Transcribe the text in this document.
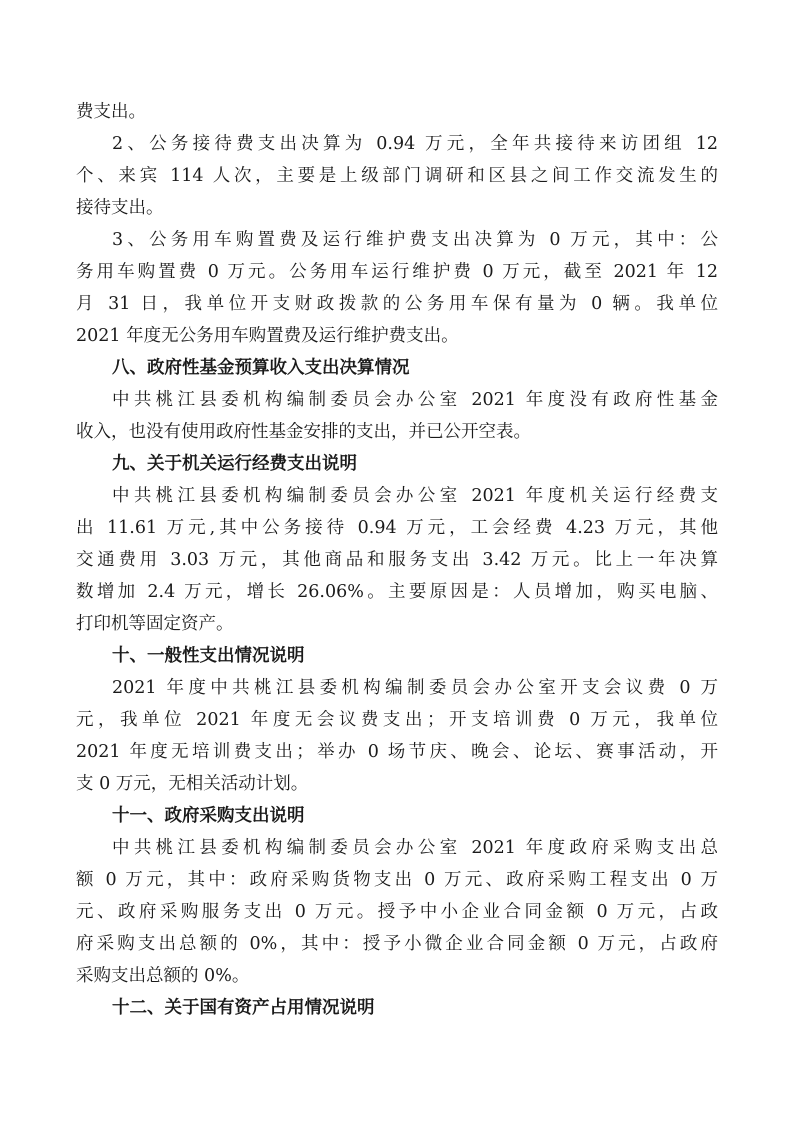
费支出。
2、公务接待费支出决算为 0.94 万元，全年共接待来访团组 12
个、来宾 114 人次，主要是上级部门调研和区县之间工作交流发生的
接待支出。
3、公务用车购置费及运行维护费支出决算为 0 万元，其中：公
务用车购置费 0 万元。公务用车运行维护费 0 万元，截至 2021 年 12
月 31 日，我单位开支财政拨款的公务用车保有量为 0 辆。我单位
2021 年度无公务用车购置费及运行维护费支出。
八、政府性基金预算收入支出决算情况
中共桃江县委机构编制委员会办公室 2021 年度没有政府性基金
收入，也没有使用政府性基金安排的支出，并已公开空表。
九、关于机关运行经费支出说明
中共桃江县委机构编制委员会办公室 2021 年度机关运行经费支
出 11.61 万元,其中公务接待 0.94 万元，工会经费 4.23 万元，其他
交通费用 3.03 万元，其他商品和服务支出 3.42 万元。比上一年决算
数增加 2.4 万元，增长 26.06%。主要原因是：人员增加，购买电脑、
打印机等固定资产。
十、一般性支出情况说明
2021 年度中共桃江县委机构编制委员会办公室开支会议费 0 万
元，我单位 2021 年度无会议费支出；开支培训费 0 万元，我单位
2021 年度无培训费支出；举办 0 场节庆、晚会、论坛、赛事活动，开
支 0 万元，无相关活动计划。
十一、政府采购支出说明
中共桃江县委机构编制委员会办公室 2021 年度政府采购支出总
额 0 万元，其中：政府采购货物支出 0 万元、政府采购工程支出 0 万
元、政府采购服务支出 0 万元。授予中小企业合同金额 0 万元，占政
府采购支出总额的 0%，其中：授予小微企业合同金额 0 万元，占政府
采购支出总额的 0%。
十二、关于国有资产占用情况说明
